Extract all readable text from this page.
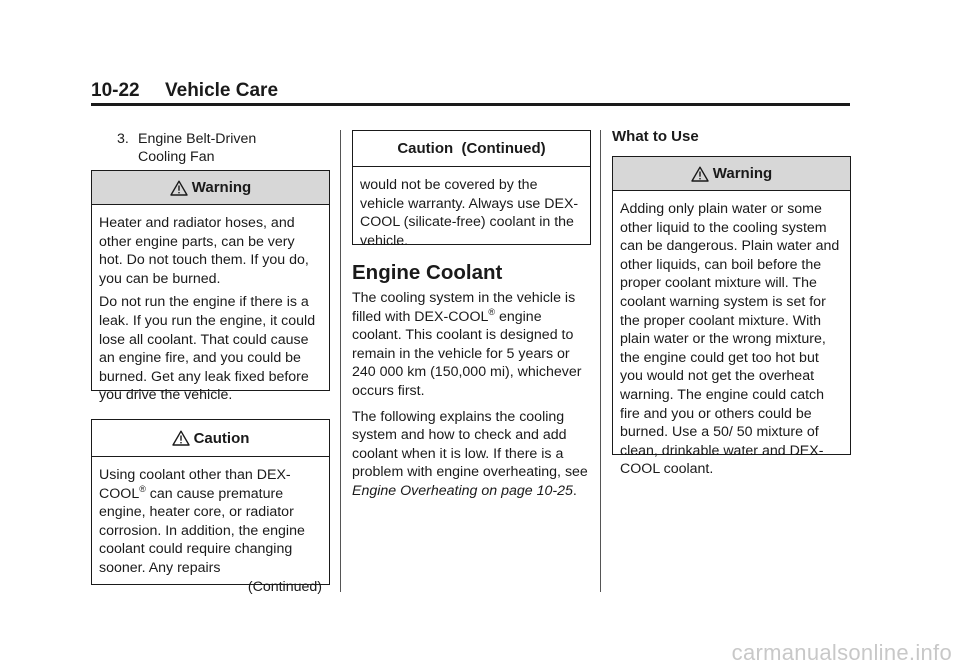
10-22 Vehicle Care
3. Engine Belt-Driven
Cooling Fan
Warning

Heater and radiator hoses, and other engine parts, can be very hot. Do not touch them. If you do, you can be burned.

Do not run the engine if there is a leak. If you run the engine, it could lose all coolant. That could cause an engine fire, and you could be burned. Get any leak fixed before you drive the vehicle.

Caution

Using coolant other than DEX-COOL® can cause premature engine, heater core, or radiator corrosion. In addition, the engine coolant could require changing sooner. Any repairs

(Continued)
Caution  (Continued)

would not be covered by the vehicle warranty. Always use DEX-COOL (silicate-free) coolant in the vehicle.

Engine Coolant

The cooling system in the vehicle is filled with DEX-COOL® engine coolant. This coolant is designed to remain in the vehicle for 5 years or 240 000 km (150,000 mi), whichever occurs first.

The following explains the cooling system and how to check and add coolant when it is low. If there is a problem with engine overheating, see Engine Overheating on page 10-25.

What to Use
Warning

Adding only plain water or some other liquid to the cooling system can be dangerous. Plain water and other liquids, can boil before the proper coolant mixture will. The coolant warning system is set for the proper coolant mixture. With plain water or the wrong mixture, the engine could get too hot but you would not get the overheat warning. The engine could catch fire and you or others could be burned. Use a 50/ 50 mixture of clean, drinkable water and DEX-COOL coolant.

carmanualsonline.info
